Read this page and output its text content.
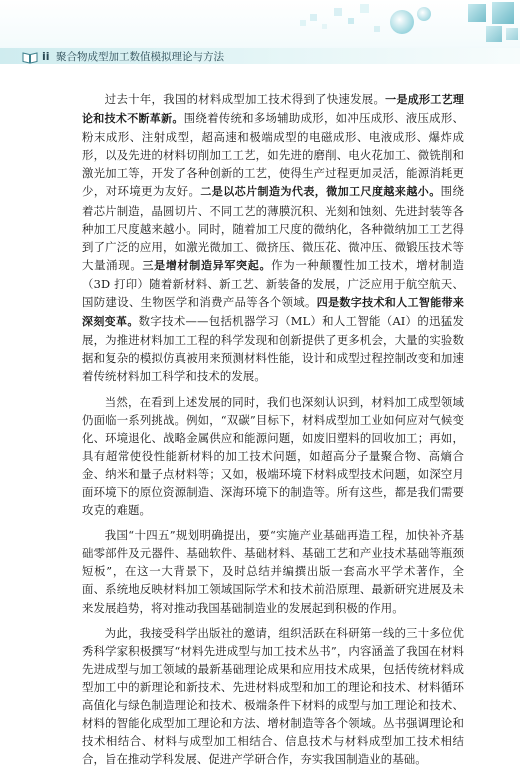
ii 聚合物成型加工数值模拟理论与方法

过去十年，我国的材料成型加工技术得到了快速发展。一是成形工艺理论和技术不断革新。围绕着传统和多场辅助成形，如冲压成形、液压成形、粉末成形、注射成型，超高速和极端成型的电磁成形、电液成形、爆炸成形，以及先进的材料切削加工工艺，如先进的磨削、电火花加工、微铣削和激光加工等，开发了各种创新的工艺，使得生产过程更加灵活，能源消耗更少，对环境更为友好。二是以芯片制造为代表，微加工尺度越来越小。围绕着芯片制造，晶圆切片、不同工艺的薄膜沉积、光刻和蚀刻、先进封装等各种加工尺度越来越小。同时，随着加工尺度的微纳化，各种微纳加工工艺得到了广泛的应用，如激光微加工、微挤压、微压花、微冲压、微锻压技术等大量涌现。三是增材制造异军突起。作为一种颠覆性加工技术，增材制造（3D 打印）随着新材料、新工艺、新装备的发展，广泛应用于航空航天、国防建设、生物医学和消费产品等各个领域。四是数字技术和人工智能带来深刻变革。数字技术——包括机器学习（ML）和人工智能（AI）的迅猛发展，为推进材料加工工程的科学发现和创新提供了更多机会，大量的实验数据和复杂的模拟仿真被用来预测材料性能，设计和成型过程控制改变和加速着传统材料加工科学和技术的发展。

当然，在看到上述发展的同时，我们也深刻认识到，材料加工成型领域仍面临一系列挑战。例如，“双碳”目标下，材料成型加工业如何应对气候变化、环境退化、战略金属供应和能源问题，如废旧塑料的回收加工；再如，具有超常使役性能新材料的加工技术问题，如超高分子量聚合物、高熵合金、纳米和量子点材料等；又如，极端环境下材料成型技术问题，如深空月面环境下的原位资源制造、深海环境下的制造等。所有这些，都是我们需要攻克的难题。

我国“十四五”规划明确提出，要“实施产业基础再造工程，加快补齐基础零部件及元器件、基础软件、基础材料、基础工艺和产业技术基础等瓶颈短板”，在这一大背景下，及时总结并编撰出版一套高水平学术著作，全面、系统地反映材料加工领域国际学术和技术前沿原理、最新研究进展及未来发展趋势，将对推动我国基础制造业的发展起到积极的作用。

为此，我接受科学出版社的邀请，组织活跃在科研第一线的三十多位优秀科学家积极撰写“材料先进成型与加工技术丛书”，内容涵盖了我国在材料先进成型与加工领域的最新基础理论成果和应用技术成果，包括传统材料成型加工中的新理论和新技术、先进材料成型和加工的理论和技术、材料循环高值化与绿色制造理论和技术、极端条件下材料的成型与加工理论和技术、材料的智能化成型加工理论和方法、增材制造等各个领域。丛书强调理论和技术相结合、材料与成型加工相结合、信息技术与材料成型加工技术相结合，旨在推动学科发展、促进产学研合作，夯实我国制造业的基础。
